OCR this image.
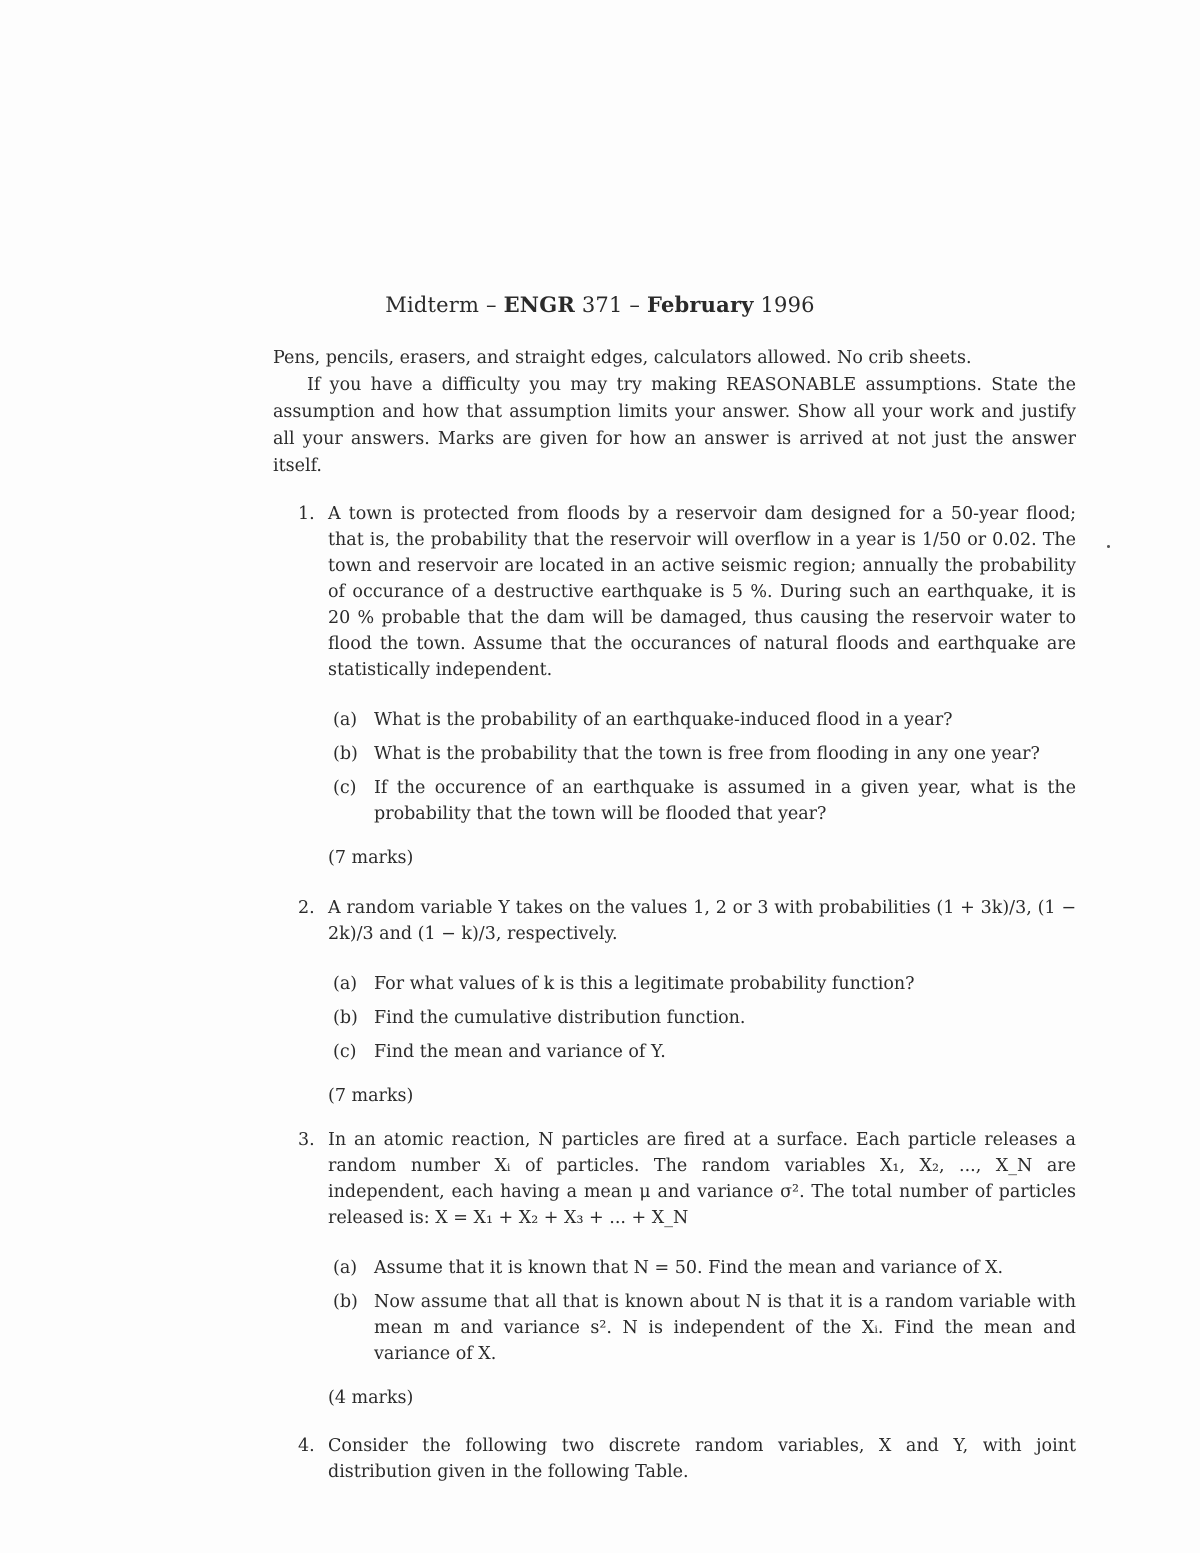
Midterm – ENGR 371 – February 1996

Pens, pencils, erasers, and straight edges, calculators allowed. No crib sheets.

If you have a difficulty you may try making REASONABLE assumptions. State the assumption and how that assumption limits your answer. Show all your work and justify all your answers. Marks are given for how an answer is arrived at not just the answer itself.

1. A town is protected from floods by a reservoir dam designed for a 50-year flood; that is, the probability that the reservoir will overflow in a year is 1/50 or 0.02. The town and reservoir are located in an active seismic region; annually the probability of occurance of a destructive earthquake is 5 %. During such an earthquake, it is 20 % probable that the dam will be damaged, thus causing the reservoir water to flood the town. Assume that the occurances of natural floods and earthquake are statistically independent.
(a) What is the probability of an earthquake-induced flood in a year?
(b) What is the probability that the town is free from flooding in any one year?
(c) If the occurence of an earthquake is assumed in a given year, what is the probability that the town will be flooded that year?
(7 marks)
2. A random variable Y takes on the values 1, 2 or 3 with probabilities (1 + 3k)/3, (1 − 2k)/3 and (1 − k)/3, respectively.
(a) For what values of k is this a legitimate probability function?
(b) Find the cumulative distribution function.
(c) Find the mean and variance of Y.
(7 marks)
3. In an atomic reaction, N particles are fired at a surface. Each particle releases a random number Xᵢ of particles. The random variables X₁, X₂, ..., X_N are independent, each having a mean μ and variance σ². The total number of particles released is: X = X₁ + X₂ + X₃ + ... + X_N
(a) Assume that it is known that N = 50. Find the mean and variance of X.
(b) Now assume that all that is known about N is that it is a random variable with mean m and variance s². N is independent of the Xᵢ. Find the mean and variance of X.
(4 marks)
4. Consider the following two discrete random variables, X and Y, with joint distribution given in the following Table.
